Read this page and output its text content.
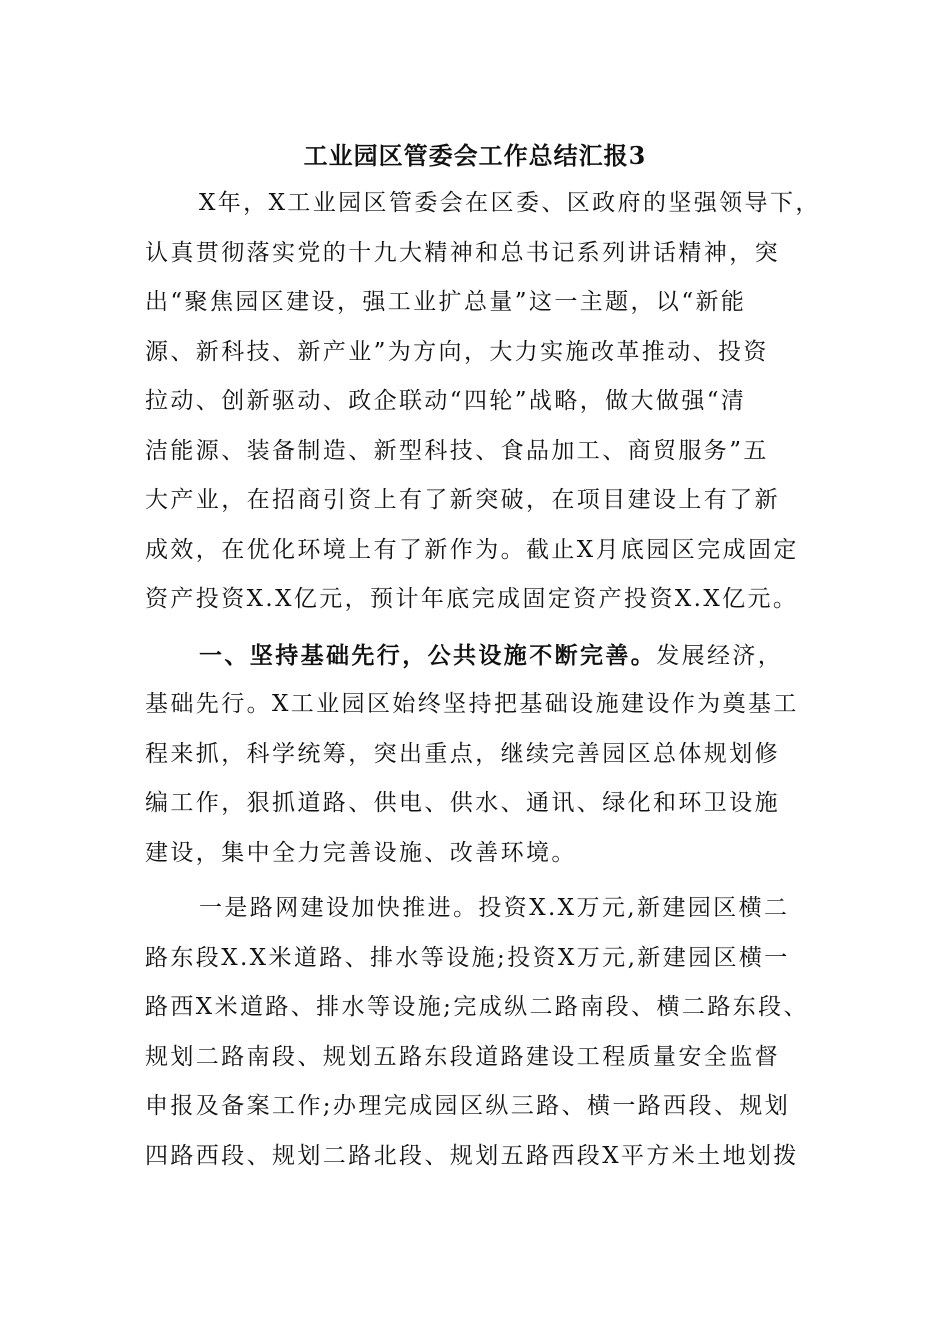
工业园区管委会工作总结汇报3
X年，X工业园区管委会在区委、区政府的坚强领导下，
认真贯彻落实党的十九大精神和总书记系列讲话精神，突
出“聚焦园区建设，强工业扩总量”这一主题，以“新能
源、新科技、新产业”为方向，大力实施改革推动、投资
拉动、创新驱动、政企联动“四轮”战略，做大做强“清
洁能源、装备制造、新型科技、食品加工、商贸服务”五
大产业，在招商引资上有了新突破，在项目建设上有了新
成效，在优化环境上有了新作为。截止X月底园区完成固定
资产投资X.X亿元，预计年底完成固定资产投资X.X亿元。
一、坚持基础先行，公共设施不断完善。发展经济，
基础先行。X工业园区始终坚持把基础设施建设作为奠基工
程来抓，科学统筹，突出重点，继续完善园区总体规划修
编工作，狠抓道路、供电、供水、通讯、绿化和环卫设施
建设，集中全力完善设施、改善环境。
一是路网建设加快推进。投资X.X万元,新建园区横二
路东段X.X米道路、排水等设施;投资X万元,新建园区横一
路西X米道路、排水等设施;完成纵二路南段、横二路东段、
规划二路南段、规划五路东段道路建设工程质量安全监督
申报及备案工作;办理完成园区纵三路、横一路西段、规划
四路西段、规划二路北段、规划五路西段X平方米土地划拨
